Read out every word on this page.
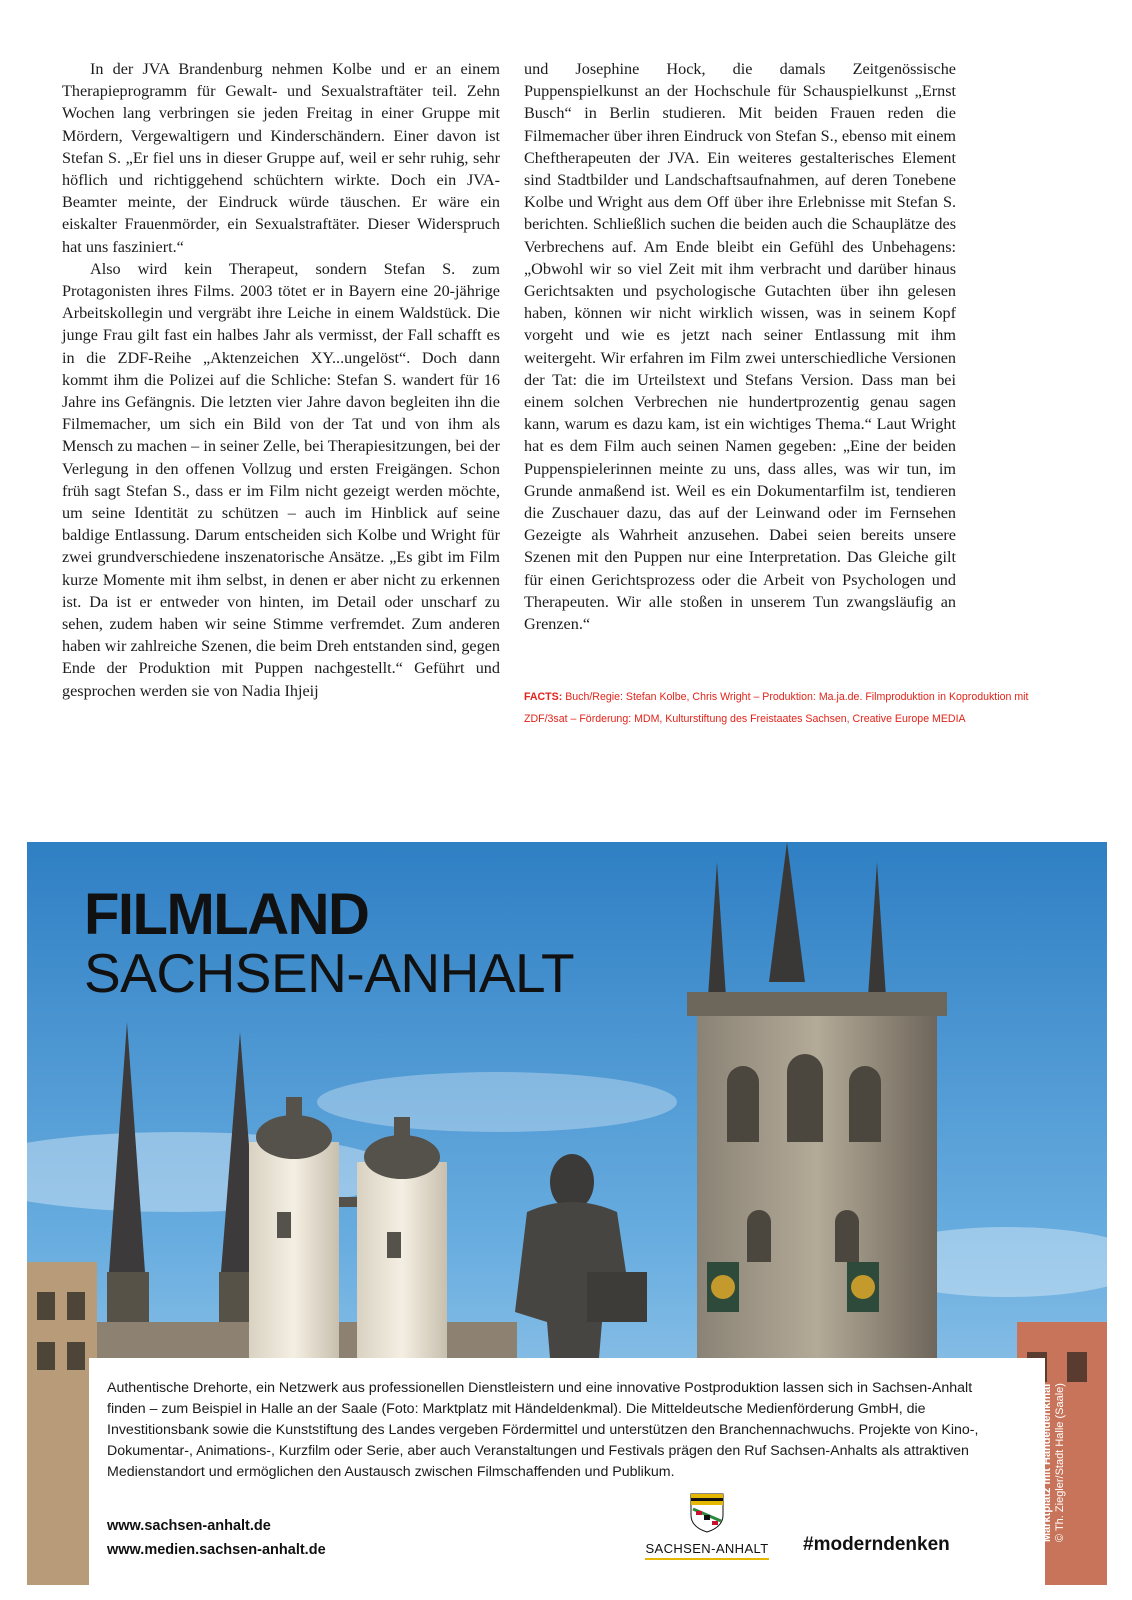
In der JVA Brandenburg nehmen Kolbe und er an einem Therapieprogramm für Gewalt- und Sexualstraftäter teil. Zehn Wochen lang verbringen sie jeden Freitag in einer Gruppe mit Mördern, Vergewaltigern und Kinderschändern. Einer davon ist Stefan S. „Er fiel uns in dieser Gruppe auf, weil er sehr ruhig, sehr höflich und richtiggehend schüchtern wirkte. Doch ein JVA-Beamter meinte, der Eindruck würde täuschen. Er wäre ein eiskalter Frauenmörder, ein Sexualstraftäter. Dieser Widerspruch hat uns fasziniert.“

Also wird kein Therapeut, sondern Stefan S. zum Protagonisten ihres Films. 2003 tötet er in Bayern eine 20-jährige Arbeitskollegin und vergräbt ihre Leiche in einem Waldstück. Die junge Frau gilt fast ein halbes Jahr als vermisst, der Fall schafft es in die ZDF-Reihe „Aktenzeichen XY...ungelöst“. Doch dann kommt ihm die Polizei auf die Schliche: Stefan S. wandert für 16 Jahre ins Gefängnis. Die letzten vier Jahre davon begleiten ihn die Filmemacher, um sich ein Bild von der Tat und von ihm als Mensch zu machen – in seiner Zelle, bei Therapiesitzungen, bei der Verlegung in den offenen Vollzug und ersten Freigängen. Schon früh sagt Stefan S., dass er im Film nicht gezeigt werden möchte, um seine Identität zu schützen – auch im Hinblick auf seine baldige Entlassung. Darum entscheiden sich Kolbe und Wright für zwei grundverschiedene inszenatorische Ansätze. „Es gibt im Film kurze Momente mit ihm selbst, in denen er aber nicht zu erkennen ist. Da ist er entweder von hinten, im Detail oder unscharf zu sehen, zudem haben wir seine Stimme verfremdet. Zum anderen haben wir zahlreiche Szenen, die beim Dreh entstanden sind, gegen Ende der Produktion mit Puppen nachgestellt.“ Geführt und gesprochen werden sie von Nadia Ihjeij

und Josephine Hock, die damals Zeitgenössische Puppenspielkunst an der Hochschule für Schauspielkunst „Ernst Busch“ in Berlin studieren. Mit beiden Frauen reden die Filmemacher über ihren Eindruck von Stefan S., ebenso mit einem Cheftherapeuten der JVA. Ein weiteres gestalterisches Element sind Stadtbilder und Landschaftsaufnahmen, auf deren Tonebene Kolbe und Wright aus dem Off über ihre Erlebnisse mit Stefan S. berichten. Schließlich suchen die beiden auch die Schauplätze des Verbrechens auf. Am Ende bleibt ein Gefühl des Unbehagens: „Obwohl wir so viel Zeit mit ihm verbracht und darüber hinaus Gerichtsakten und psychologische Gutachten über ihn gelesen haben, können wir nicht wirklich wissen, was in seinem Kopf vorgeht und wie es jetzt nach seiner Entlassung mit ihm weitergeht. Wir erfahren im Film zwei unterschiedliche Versionen der Tat: die im Urteilstext und Stefans Version. Dass man bei einem solchen Verbrechen nie hundertprozentig genau sagen kann, warum es dazu kam, ist ein wichtiges Thema.“ Laut Wright hat es dem Film auch seinen Namen gegeben: „Eine der beiden Puppenspielerinnen meinte zu uns, dass alles, was wir tun, im Grunde anmaßend ist. Weil es ein Dokumentarfilm ist, tendieren die Zuschauer dazu, das auf der Leinwand oder im Fernsehen Gezeigte als Wahrheit anzusehen. Dabei seien bereits unsere Szenen mit den Puppen nur eine Interpretation. Das Gleiche gilt für einen Gerichtsprozess oder die Arbeit von Psychologen und Therapeuten. Wir alle stoßen in unserem Tun zwangsläufig an Grenzen.“

FACTS: Buch/Regie: Stefan Kolbe, Chris Wright – Produktion: Ma.ja.de. Filmproduktion in Koproduktion mit ZDF/3sat – Förderung: MDM, Kulturstiftung des Freistaates Sachsen, Creative Europe MEDIA
FILMLAND
SACHSEN-ANHALT
Authentische Drehorte, ein Netzwerk aus professionellen Dienstleistern und eine innovative Postproduktion lassen sich in Sachsen-Anhalt finden – zum Beispiel in Halle an der Saale (Foto: Marktplatz mit Händeldenkmal). Die Mitteldeutsche Medienförderung GmbH, die Investitionsbank sowie die Kunststiftung des Landes vergeben Fördermittel und unterstützen den Branchennachwuchs. Projekte von Kino-, Dokumentar-, Animations-, Kurzfilm oder Serie, aber auch Veranstaltungen und Festivals prägen den Ruf Sachsen-Anhalts als attraktiven Medienstandort und ermöglichen den Austausch zwischen Filmschaffenden und Publikum.
www.sachsen-anhalt.de
www.medien.sachsen-anhalt.de	SACHSEN-ANHALT	#moderndenken
Marktplatz mit Händeldenkmal © Th. Ziegler/Stadt Halle (Saale)
